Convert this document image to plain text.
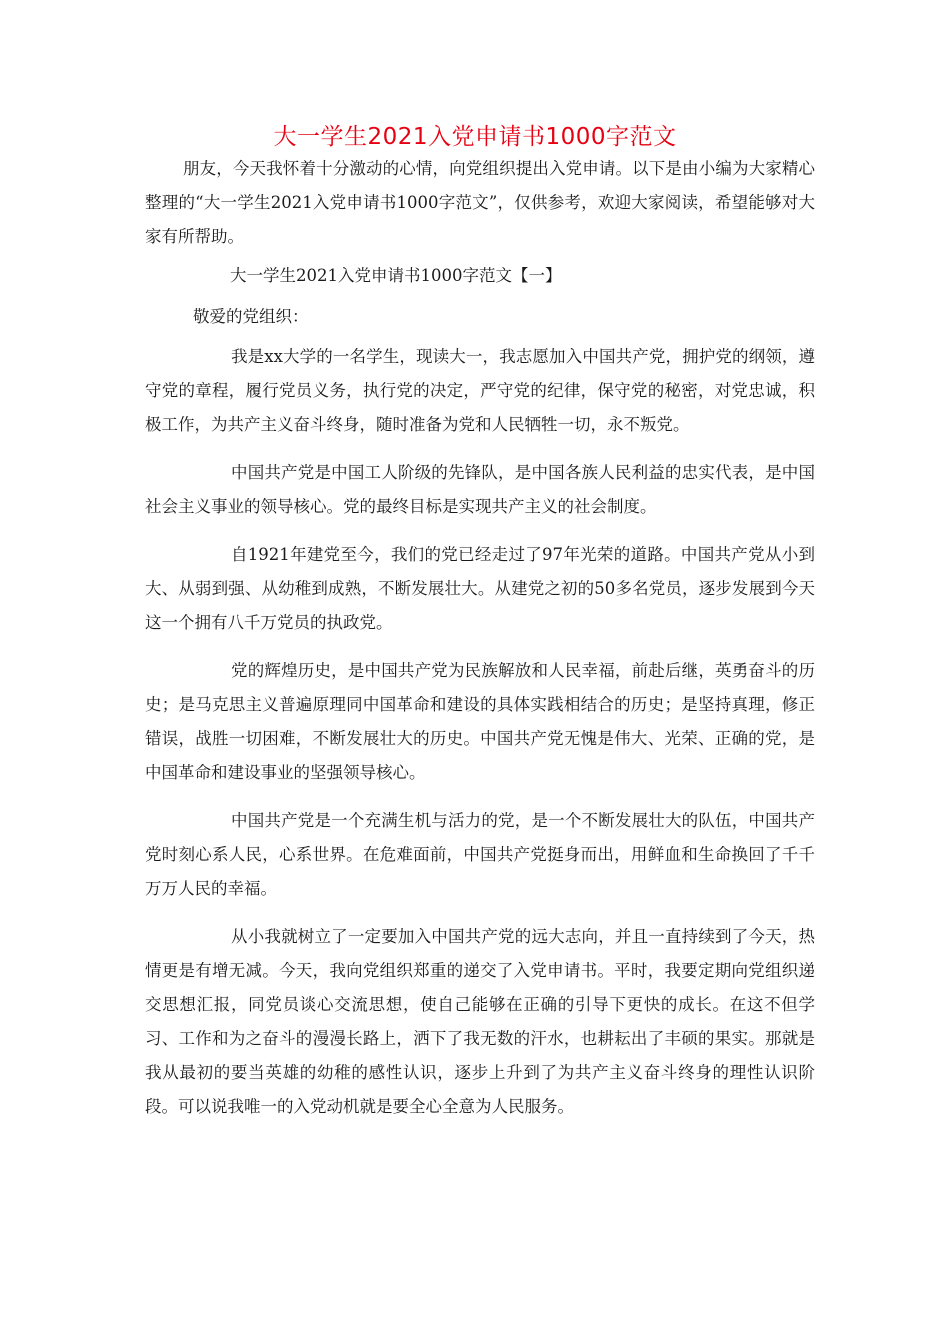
大一学生2021入党申请书1000字范文

朋友，今天我怀着十分激动的心情，向党组织提出入党申请。以下是由小编为大家精心整理的“大一学生2021入党申请书1000字范文”，仅供参考，欢迎大家阅读，希望能够对大家有所帮助。

大一学生2021入党申请书1000字范文【一】
敬爱的党组织：

我是xx大学的一名学生，现读大一，我志愿加入中国共产党，拥护党的纲领，遵守党的章程，履行党员义务，执行党的决定，严守党的纪律，保守党的秘密，对党忠诚，积极工作，为共产主义奋斗终身，随时准备为党和人民牺牲一切，永不叛党。

中国共产党是中国工人阶级的先锋队，是中国各族人民利益的忠实代表，是中国社会主义事业的领导核心。党的最终目标是实现共产主义的社会制度。

自1921年建党至今，我们的党已经走过了97年光荣的道路。中国共产党从小到大、从弱到强、从幼稚到成熟，不断发展壮大。从建党之初的50多名党员，逐步发展到今天这一个拥有八千万党员的执政党。

党的辉煌历史，是中国共产党为民族解放和人民幸福，前赴后继，英勇奋斗的历史；是马克思主义普遍原理同中国革命和建设的具体实践相结合的历史；是坚持真理，修正错误，战胜一切困难，不断发展壮大的历史。中国共产党无愧是伟大、光荣、正确的党，是中国革命和建设事业的坚强领导核心。

中国共产党是一个充满生机与活力的党，是一个不断发展壮大的队伍，中国共产党时刻心系人民，心系世界。在危难面前，中国共产党挺身而出，用鲜血和生命换回了千千万万人民的幸福。

从小我就树立了一定要加入中国共产党的远大志向，并且一直持续到了今天，热情更是有增无减。今天，我向党组织郑重的递交了入党申请书。平时，我要定期向党组织递交思想汇报，同党员谈心交流思想，使自己能够在正确的引导下更快的成长。在这不但学习、工作和为之奋斗的漫漫长路上，洒下了我无数的汗水，也耕耘出了丰硕的果实。那就是我从最初的要当英雄的幼稚的感性认识，逐步上升到了为共产主义奋斗终身的理性认识阶段。可以说我唯一的入党动机就是要全心全意为人民服务。
